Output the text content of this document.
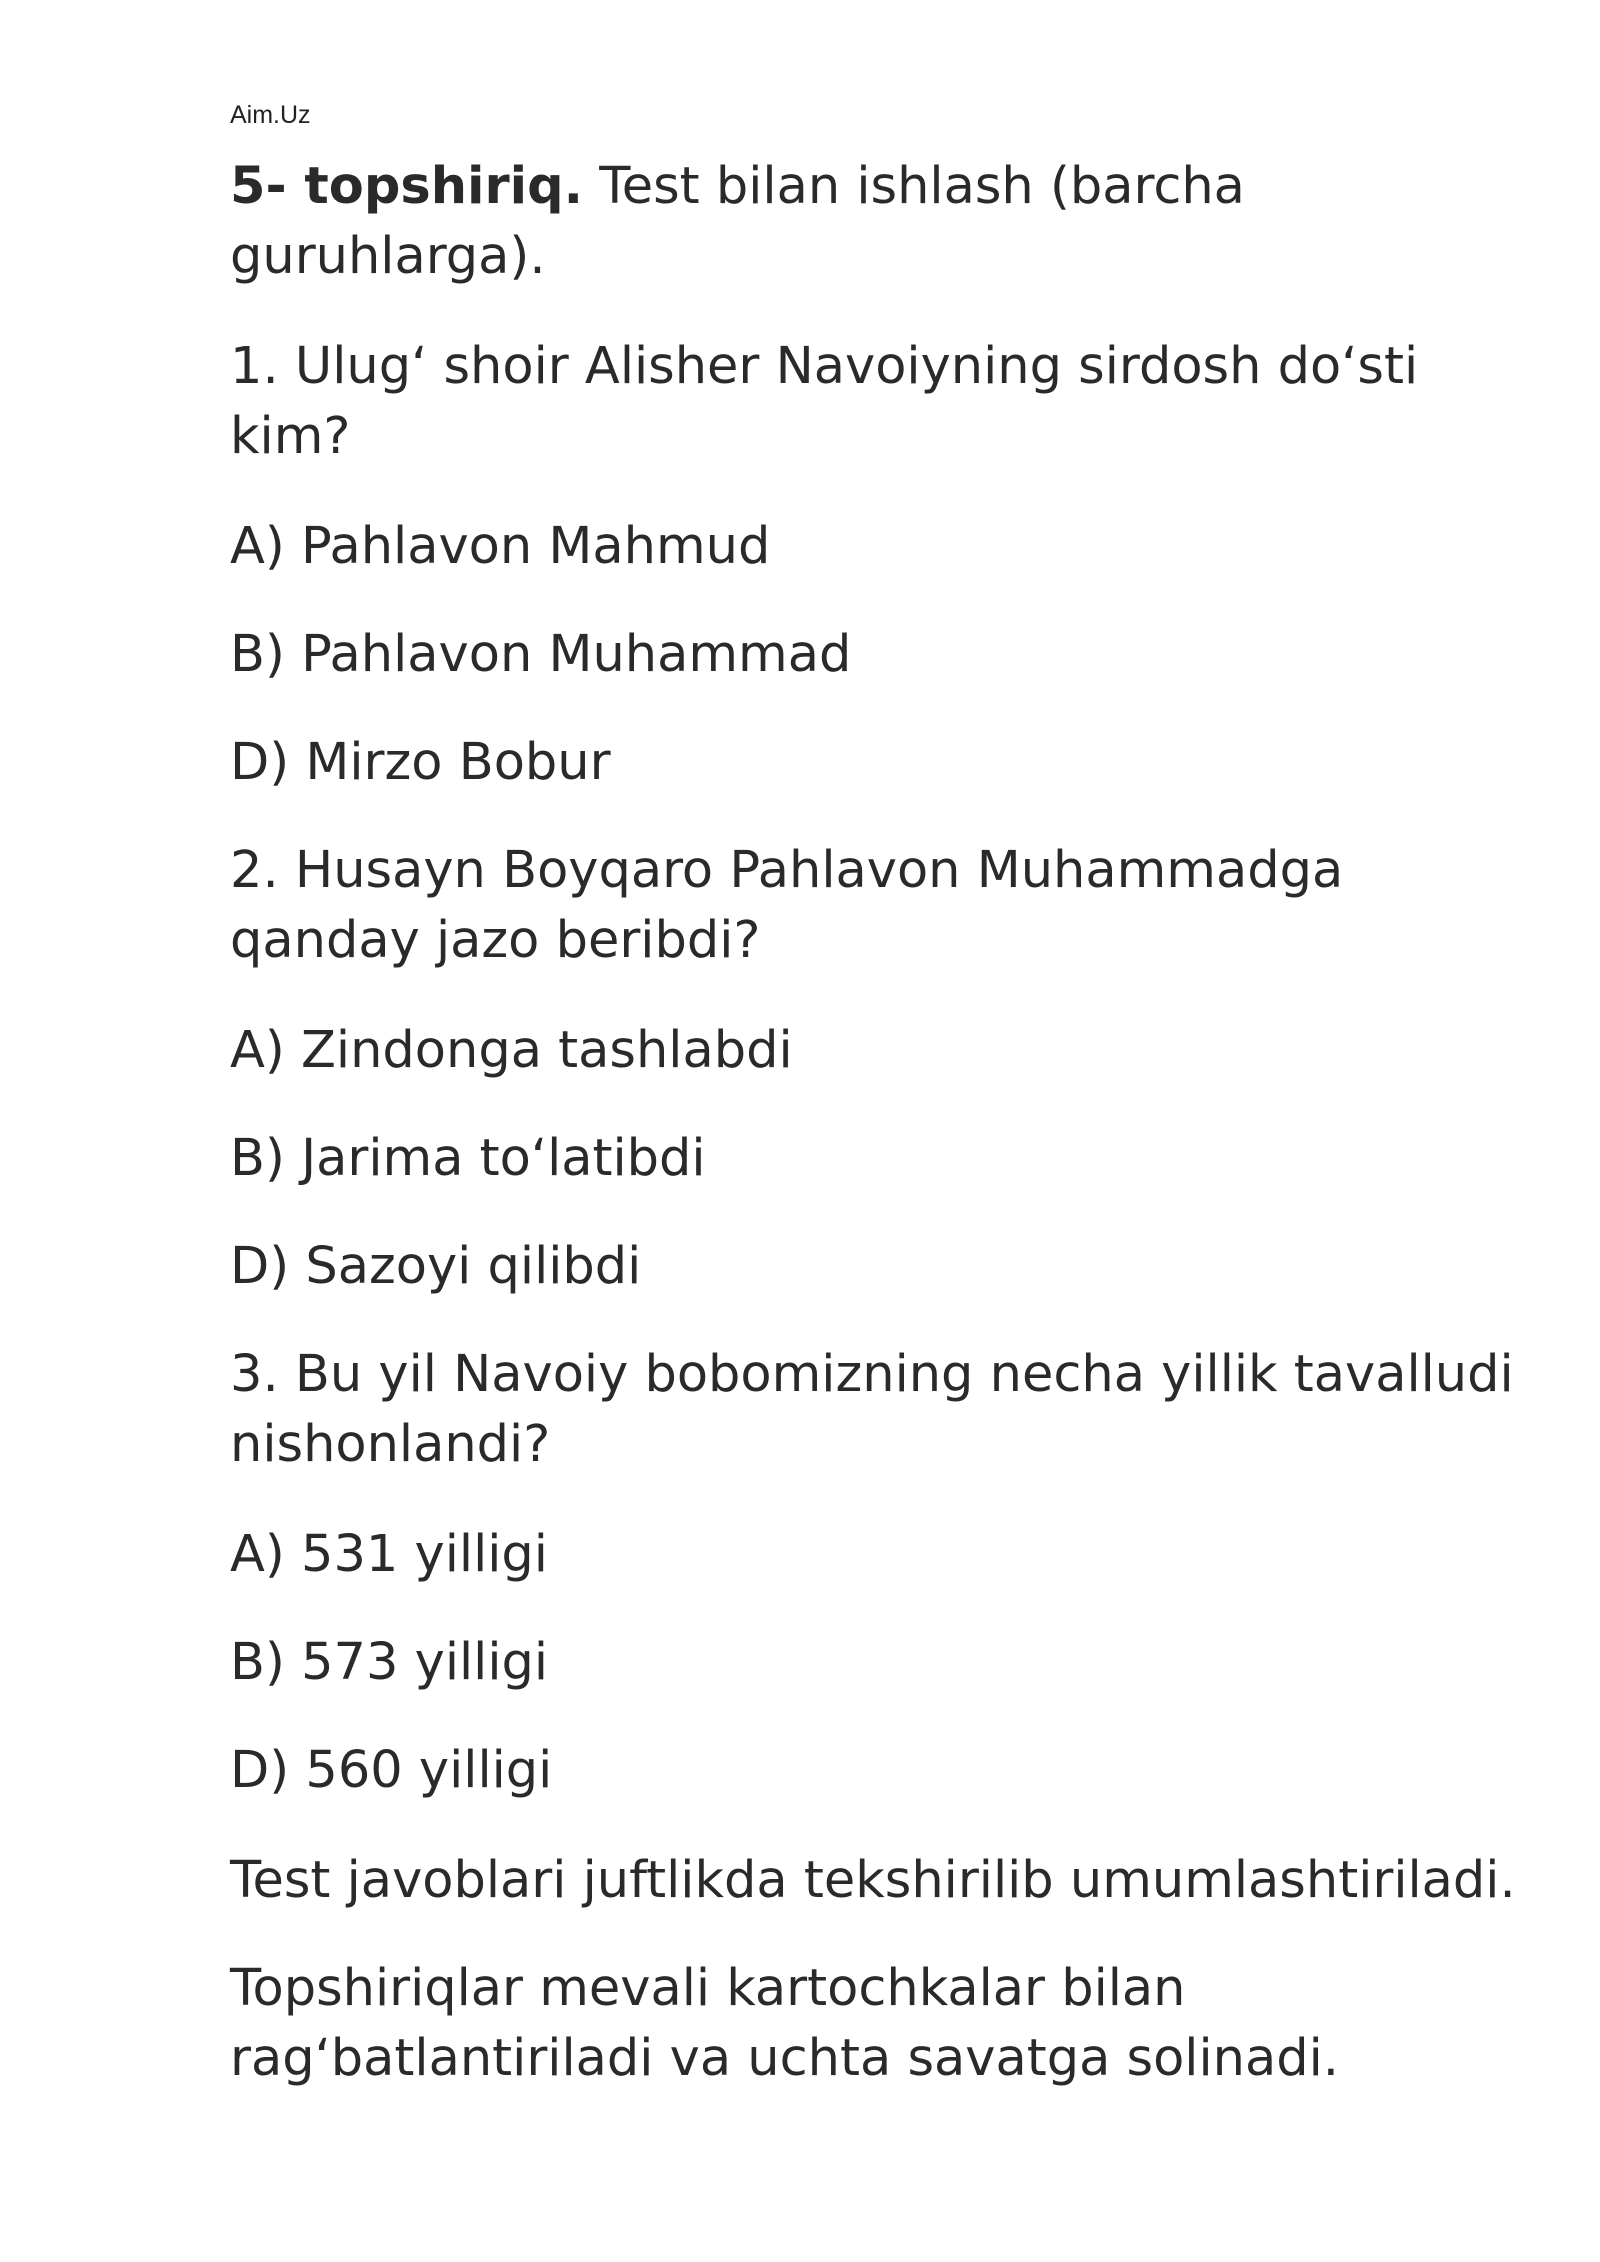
Aim.Uz

5- topshiriq. Test bilan ishlash (barcha guruhlarga).

1. Ulug‘ shoir Alisher Navoiyning sirdosh do‘sti kim?

A) Pahlavon Mahmud

B) Pahlavon Muhammad

D) Mirzo Bobur

2. Husayn Boyqaro Pahlavon Muhammadga qanday jazo beribdi?

A) Zindonga tashlabdi

B) Jarima to‘latibdi

D) Sazoyi qilibdi

3. Bu yil Navoiy bobomizning necha yillik tavalludi nishonlandi?

A) 531 yilligi

B) 573 yilligi

D) 560 yilligi

Test javoblari juftlikda tekshirilib umumlashtiriladi.

Topshiriqlar mevali kartochkalar bilan rag‘batlantiriladi va uchta savatga solinadi.
